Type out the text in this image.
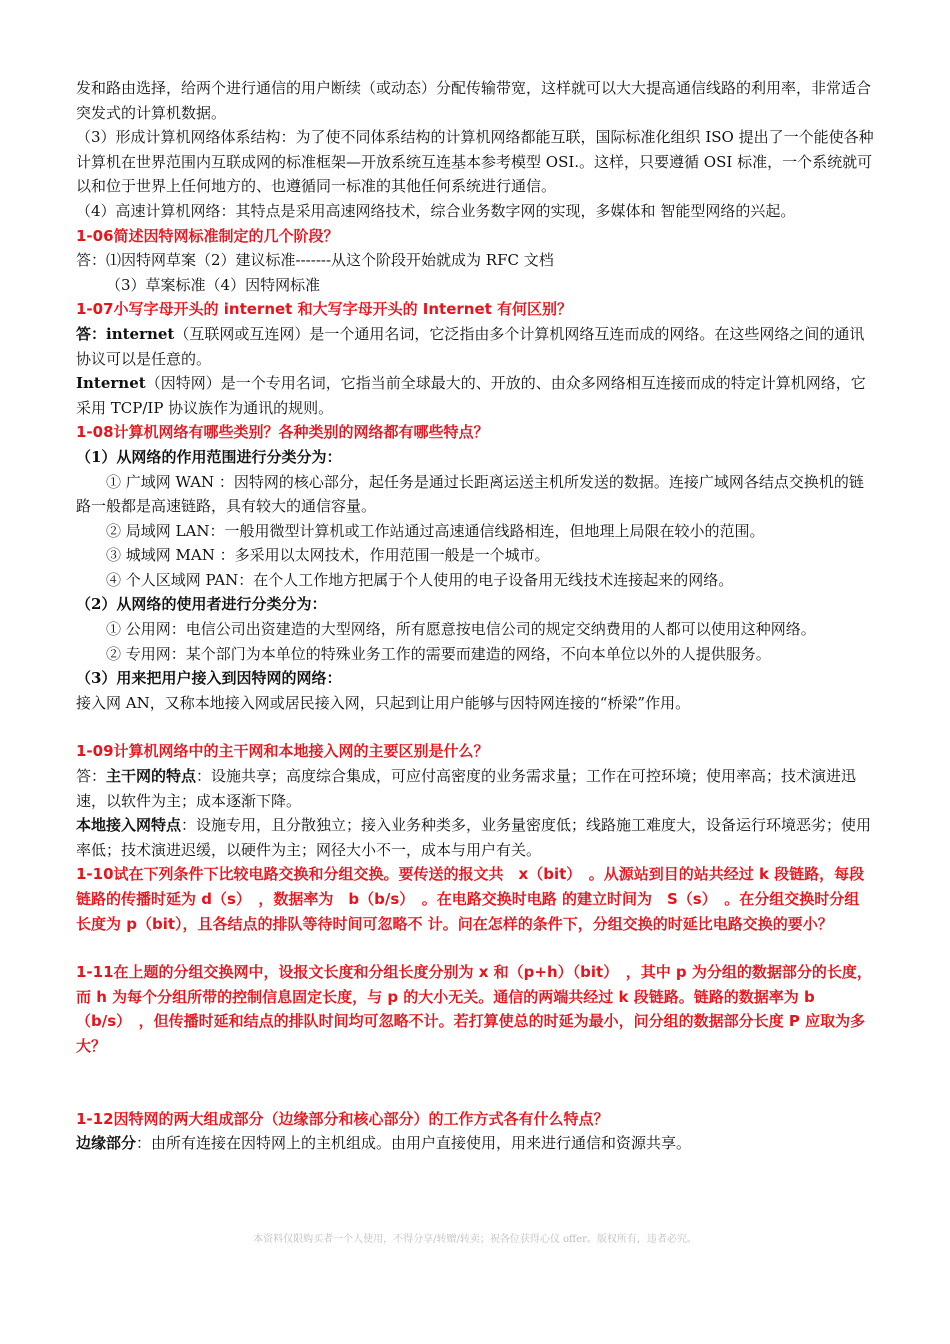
发和路由选择，给两个进行通信的用户断续（或动态）分配传输带宽，这样就可以大大提高通信线路的利用率，非常适合突发式的计算机数据。

（3）形成计算机网络体系结构：为了使不同体系结构的计算机网络都能互联，国际标准化组织 ISO 提出了一个能使各种计算机在世界范围内互联成网的标准框架—开放系统互连基本参考模型 OSI.。这样，只要遵循 OSI 标准，一个系统就可以和位于世界上任何地方的、也遵循同一标准的其他任何系统进行通信。

（4）高速计算机网络：其特点是采用高速网络技术，综合业务数字网的实现，多媒体和 智能型网络的兴起。

1-06简述因特网标准制定的几个阶段？

答：⑴因特网草案（2）建议标准-------从这个阶段开始就成为 RFC 文档

（3）草案标准（4）因特网标准

1-07小写字母开头的 internet 和大写字母开头的 Internet 有何区别？

答：internet（互联网或互连网）是一个通用名词，它泛指由多个计算机网络互连而成的网络。在这些网络之间的通讯协议可以是任意的。

Internet（因特网）是一个专用名词，它指当前全球最大的、开放的、由众多网络相互连接而成的特定计算机网络，它采用 TCP/IP 协议族作为通讯的规则。

1-08计算机网络有哪些类别？各种类别的网络都有哪些特点？

（1）从网络的作用范围进行分类分为：

① 广域网 WAN ：因特网的核心部分，起任务是通过长距离运送主机所发送的数据。连接广域网各结点交换机的链路一般都是高速链路，具有较大的通信容量。

② 局域网 LAN：一般用微型计算机或工作站通过高速通信线路相连，但地理上局限在较小的范围。

③ 城域网 MAN ：多采用以太网技术，作用范围一般是一个城市。

④ 个人区域网 PAN：在个人工作地方把属于个人使用的电子设备用无线技术连接起来的网络。

（2）从网络的使用者进行分类分为：

① 公用网：电信公司出资建造的大型网络，所有愿意按电信公司的规定交纳费用的人都可以使用这种网络。

② 专用网：某个部门为本单位的特殊业务工作的需要而建造的网络，不向本单位以外的人提供服务。

（3）用来把用户接入到因特网的网络：

接入网 AN，又称本地接入网或居民接入网，只起到让用户能够与因特网连接的“桥梁”作用。

1-09计算机网络中的主干网和本地接入网的主要区别是什么？

答：主干网的特点：设施共享；高度综合集成，可应付高密度的业务需求量；工作在可控环境；使用率高；技术演进迅速，以软件为主；成本逐渐下降。

本地接入网特点：设施专用，且分散独立；接入业务种类多，业务量密度低；线路施工难度大，设备运行环境恶劣；使用率低；技术演进迟缓，以硬件为主；网径大小不一，成本与用户有关。

1-10试在下列条件下比较电路交换和分组交换。要传送的报文共　x（bit）　。从源站到目的站共经过 k 段链路，每段链路的传播时延为 d（s）　，数据率为　b（b/s）　。在电路交换时电路 的建立时间为　S（s）　。在分组交换时分组长度为 p（bit），且各结点的排队等待时间可忽略不 计。问在怎样的条件下，分组交换的时延比电路交换的要小？

1-11在上题的分组交换网中，设报文长度和分组长度分别为 x 和（p+h）（bit）　，其中 p 为分组的数据部分的长度，而 h 为每个分组所带的控制信息固定长度，与 p 的大小无关。通信的两端共经过 k 段链路。链路的数据率为 b（b/s）　，但传播时延和结点的排队时间均可忽略不计。若打算使总的时延为最小，问分组的数据部分长度 P 应取为多大？

1-12因特网的两大组成部分（边缘部分和核心部分）的工作方式各有什么特点？

边缘部分：由所有连接在因特网上的主机组成。由用户直接使用，用来进行通信和资源共享。

本资料仅限购买者一个人使用，不得分享/转赠/转卖；祝各位获得心仪 offer。版权所有，违者必究。
